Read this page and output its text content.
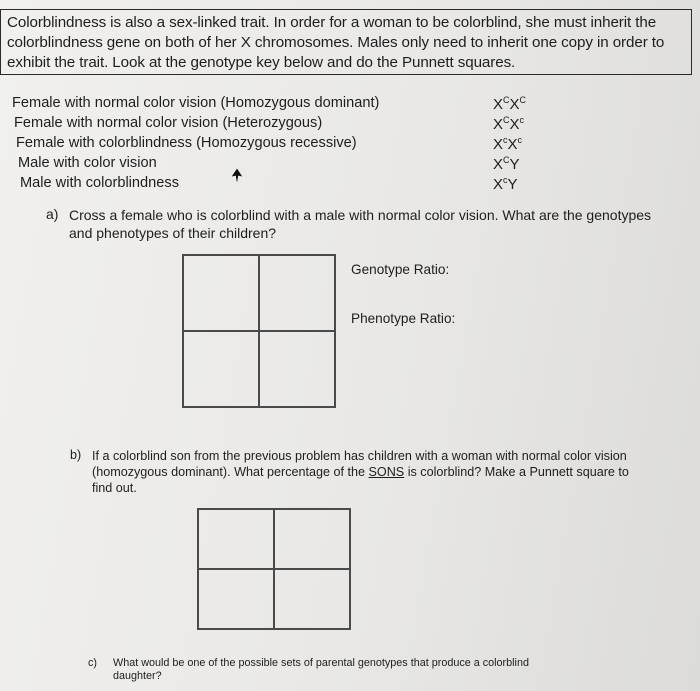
Colorblindness is also a sex-linked trait. In order for a woman to be colorblind, she must inherit the
colorblindness gene on both of her X chromosomes. Males only need to inherit one copy in order to
exhibit the trait. Look at the genotype key below and do the Punnett squares.
Female with normal color vision (Homozygous dominant)	$X^CX^C$
Female with normal color vision (Heterozygous)	$X^CX^c$
Female with colorblindness (Homozygous recessive)	$X^cX^c$
Male with color vision	$X^CY$
Male with colorblindness	$X^cY$
a) Cross a female who is colorblind with a male with normal color vision. What are the genotypes
and phenotypes of their children?
Genotype Ratio:
Phenotype Ratio:
b) If a colorblind son from the previous problem has children with a woman with normal color vision
(homozygous dominant). What percentage of the SONS is colorblind? Make a Punnett square to
find out.
c) What would be one of the possible sets of parental genotypes that produce a colorblind
daughter?
